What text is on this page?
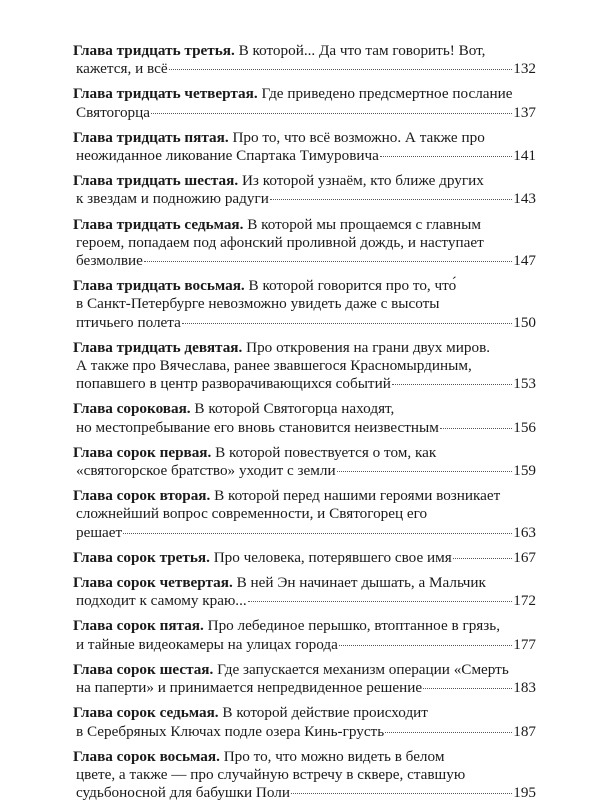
Глава тридцать третья. В которой... Да что там говорить! Вот,
кажется, и всё	132
Глава тридцать четвертая. Где приведено предсмертное послание
Святогорца	137
Глава тридцать пятая. Про то, что всё возможно. А также про
неожиданное ликование Спартака Тимуровича	141
Глава тридцать шестая. Из которой узнаём, кто ближе других
к звездам и подножию радуги	143
Глава тридцать седьмая. В которой мы прощаемся с главным
героем, попадаем под афонский проливной дождь, и наступает
безмолвие	147
Глава тридцать восьмая. В которой говорится про то, что́
в Санкт-Петербурге невозможно увидеть даже с высоты
птичьего полета	150
Глава тридцать девятая. Про откровения на грани двух миров.
А также про Вячеслава, ранее звавшегося Красномырдиным,
попавшего в центр разворачивающихся событий	153
Глава сороковая. В которой Святогорца находят,
но местопребывание его вновь становится неизвестным	156
Глава сорок первая. В которой повествуется о том, как
«святогорское братство» уходит с земли	159
Глава сорок вторая. В которой перед нашими героями возникает
сложнейший вопрос современности, и Святогорец его
решает	163
Глава сорок третья. Про человека, потерявшего свое имя	167
Глава сорок четвертая. В ней Эн начинает дышать, а Мальчик
подходит к самому краю...	172
Глава сорок пятая. Про лебединое перышко, втоптанное в грязь,
и тайные видеокамеры на улицах города	177
Глава сорок шестая. Где запускается механизм операции «Смерть
на паперти» и принимается непредвиденное решение	183
Глава сорок седьмая. В которой действие происходит
в Серебряных Ключах подле озера Кинь-грусть	187
Глава сорок восьмая. Про то, что можно видеть в белом
цвете, а также — про случайную встречу в сквере, ставшую
судьбоносной для бабушки Поли	195
